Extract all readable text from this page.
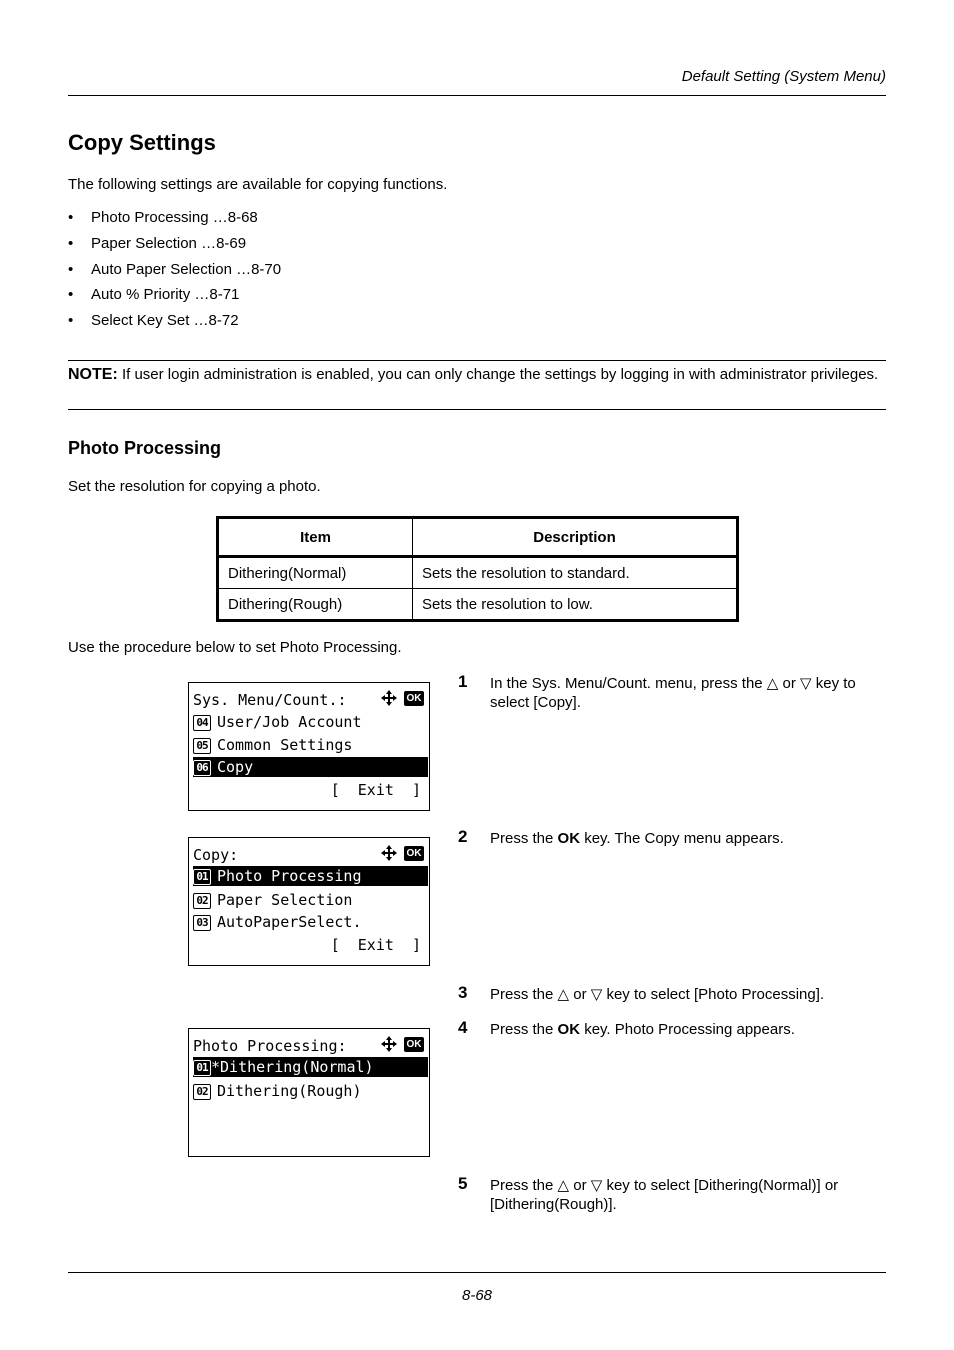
Default Setting (System Menu)
Copy Settings
The following settings are available for copying functions.
• Photo Processing …8-68
• Paper Selection …8-69
• Auto Paper Selection …8-70
• Auto % Priority …8-71
• Select Key Set …8-72
NOTE: If user login administration is enabled, you can only change the settings by logging in with administrator privileges.
Photo Processing
Set the resolution for copying a photo.
Item	Description
Dithering(Normal)	Sets the resolution to standard.
Dithering(Rough)	Sets the resolution to low.
Use the procedure below to set Photo Processing.
Sys. Menu/Count.:	OK
04 User/Job Account
05 Common Settings
06 Copy
[  Exit  ]
Copy:	OK
01 Photo Processing
02 Paper Selection
03 AutoPaperSelect.
[  Exit  ]
Photo Processing:	OK
01 *Dithering(Normal)
02 Dithering(Rough)
1 In the Sys. Menu/Count. menu, press the △ or ▽ key to select [Copy].
2 Press the OK key. The Copy menu appears.
3 Press the △ or ▽ key to select [Photo Processing].
4 Press the OK key. Photo Processing appears.
5 Press the △ or ▽ key to select [Dithering(Normal)] or [Dithering(Rough)].
8-68
